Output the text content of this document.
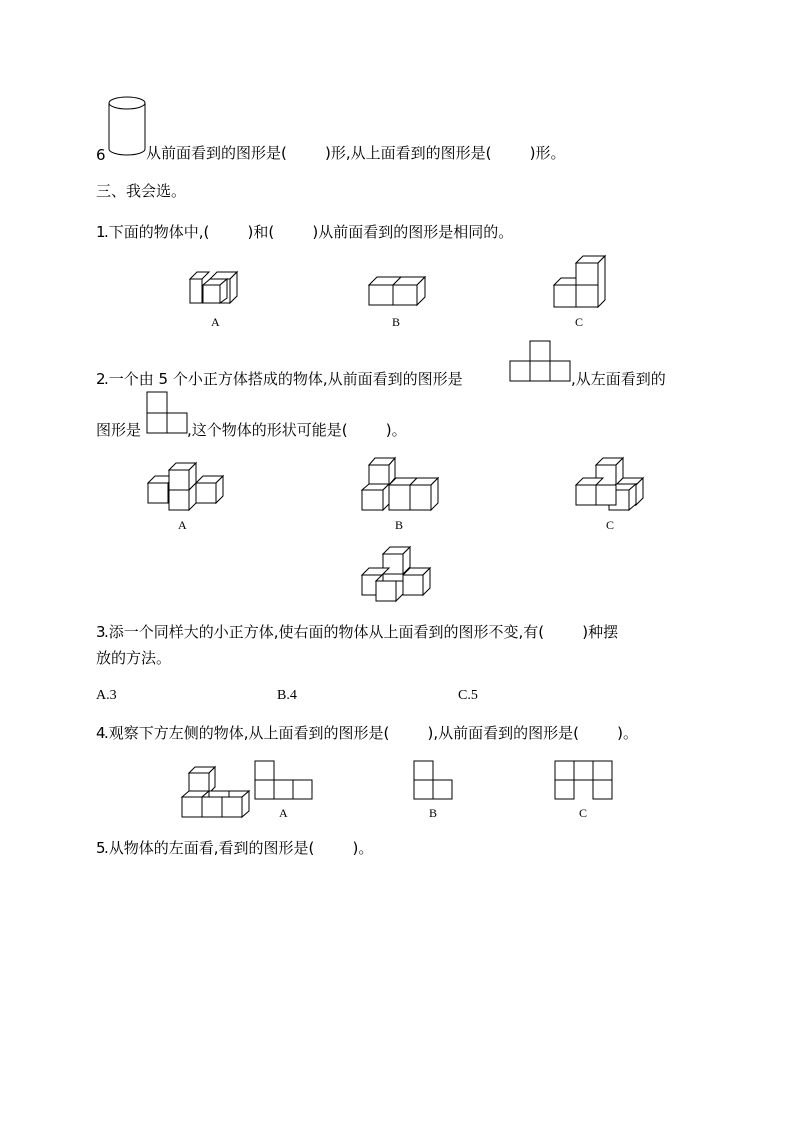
6	从前面看到的图形是(        )形,从上面看到的图形是(        )形。
三、我会选。
1
.下面的物体中,(        )和(        )从前面看到的图形是相同的。
A	B	C
2
.一个由 5 个小正方体搭成的物体,从前面看到的图形是	,从左面看到的
图形是	,这个物体的形状可能是(        )。
A	B	C
3
.添一个同样大的小正方体,使右面的物体从上面看到的图形不变,有(        )种摆
放的方法。
A.3	B.4	C.5
4
.观察下方左侧的物体,从上面看到的图形是(        ),从前面看到的图形是(        )。
A	B	C
5
.从物体的左面看,看到的图形是(        )。
